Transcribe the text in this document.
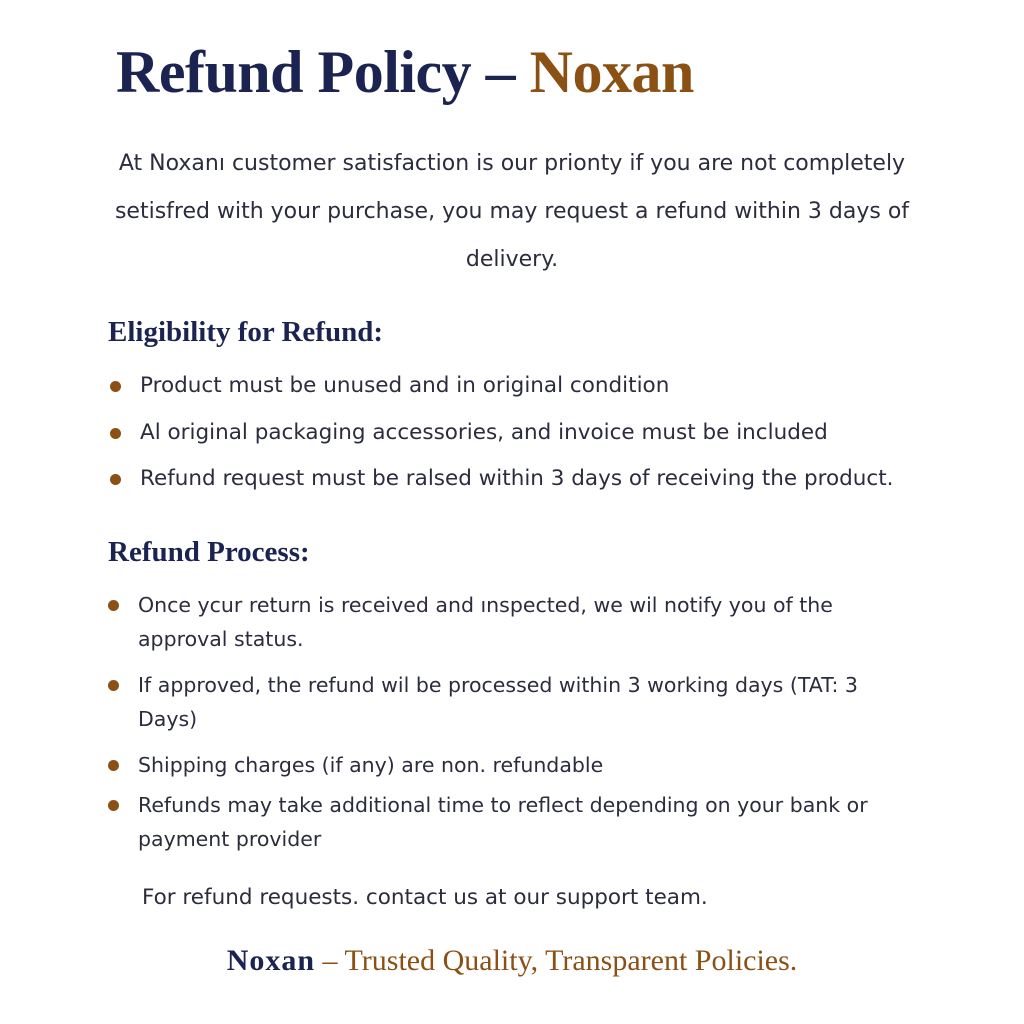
Refund Policy – Noxan

At Noxanı customer satisfaction is our prionty if you are not completely setisfred with your purchase, you may request a refund within 3 days of delivery.

Eligibility for Refund:
Product must be unused and in original condition
Al original packaging accessories, and invoice must be included
Refund request must be ralsed within 3 days of receiving the product.
Refund Process:
Once ycur return is received and ınspected, we wil notify you of the approval status.
If approved, the refund wil be processed within 3 working days (TAT: 3 Days)
Shipping charges (if any) are non. refundable
Refunds may take additional time to reflect depending on your bank or payment provider

For refund requests. contact us at our support team.

Noxan – Trusted Quality, Transparent Policies.
